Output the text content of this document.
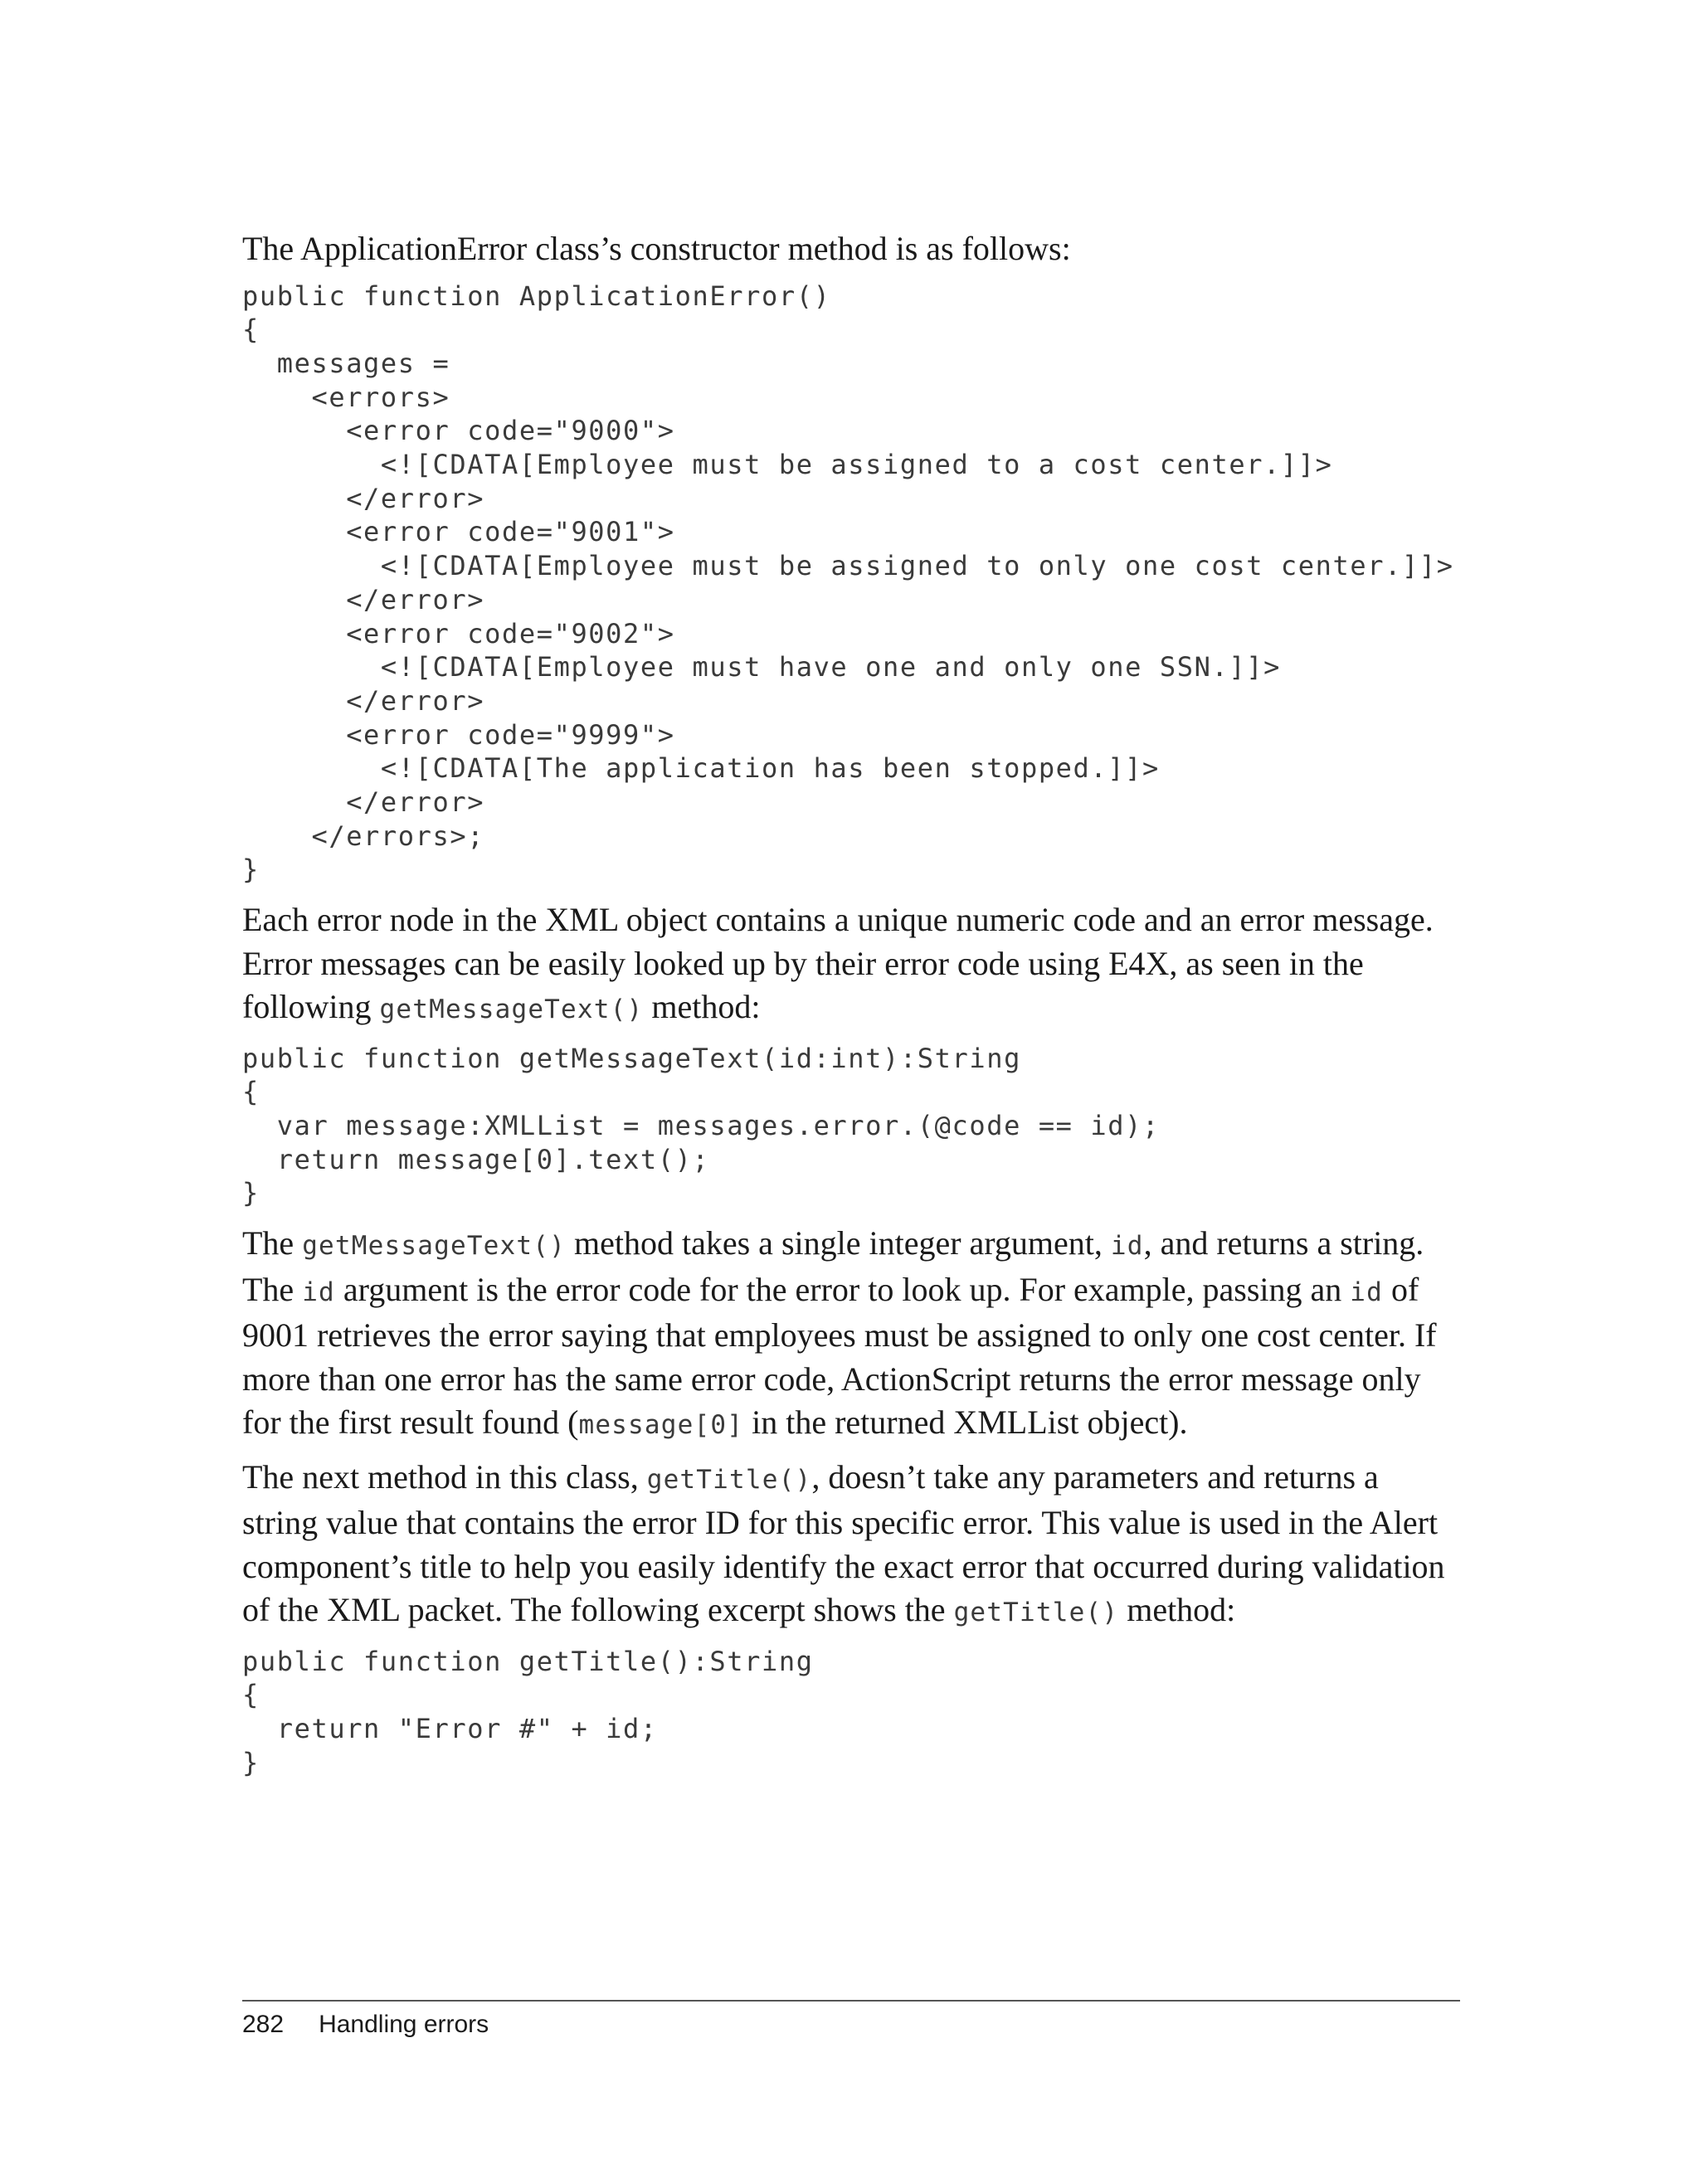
The ApplicationError class’s constructor method is as follows:

public function ApplicationError()
{
messages =
<errors>
<error code="9000">
<![CDATA[Employee must be assigned to a cost center.]]>
</error>
<error code="9001">
<![CDATA[Employee must be assigned to only one cost center.]]>
</error>
<error code="9002">
<![CDATA[Employee must have one and only one SSN.]]>
</error>
<error code="9999">
<![CDATA[The application has been stopped.]]>
</error>
</errors>;
}

Each error node in the XML object contains a unique numeric code and an error message. Error messages can be easily looked up by their error code using E4X, as seen in the following getMessageText() method:

public function getMessageText(id:int):String
{
var message:XMLList = messages.error.(@code == id);
return message[0].text();
}

The getMessageText() method takes a single integer argument, id, and returns a string. The id argument is the error code for the error to look up. For example, passing an id of 9001 retrieves the error saying that employees must be assigned to only one cost center. If more than one error has the same error code, ActionScript returns the error message only for the first result found (message[0] in the returned XMLList object).

The next method in this class, getTitle(), doesn’t take any parameters and returns a string value that contains the error ID for this specific error. This value is used in the Alert component’s title to help you easily identify the exact error that occurred during validation of the XML packet. The following excerpt shows the getTitle() method:

public function getTitle():String
{
return "Error #" + id;
}
282 Handling errors
